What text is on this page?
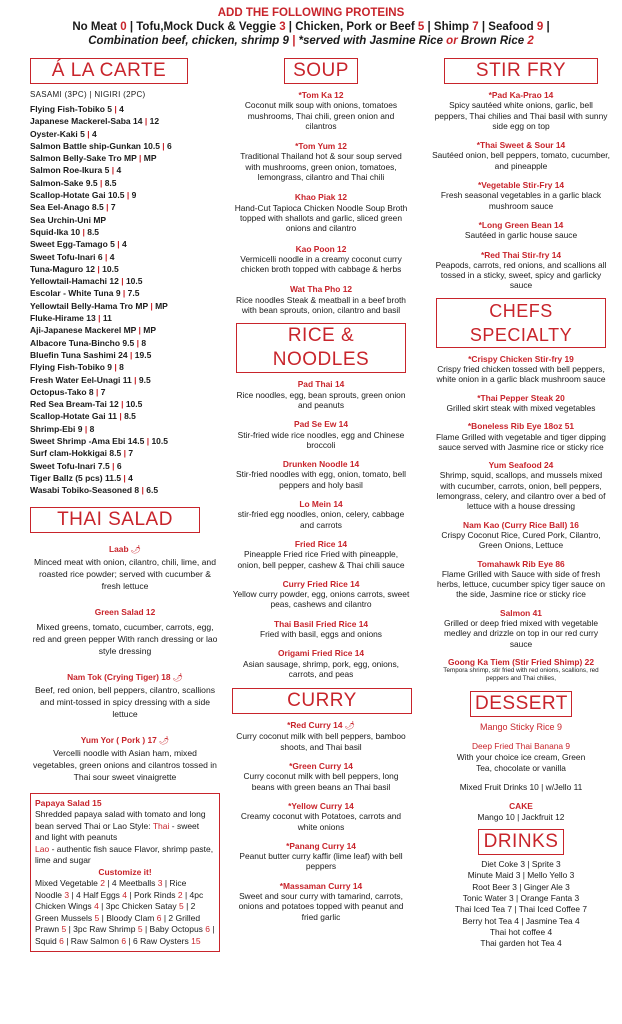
ADD THE FOLLOWING PROTEINS
No Meat 0 | Tofu,Mock Duck & Veggie 3 | Chicken, Pork or Beef 5 | Shimp 7 | Seafood 9 |
Combination beef, chicken, shrimp 9 | *served with Jasmine Rice or Brown Rice 2
Á LA CARTE
SASAMI (3PC) | NIGIRI (2PC)
Flying Fish-Tobiko 5 | 4
Japanese Mackerel-Saba 14 | 12
Oyster-Kaki 5 | 4
Salmon Battle ship-Gunkan 10.5 | 6
Salmon Belly-Sake Tro MP | MP
Salmon Roe-Ikura 5 | 4
Salmon-Sake 9.5 | 8.5
Scallop-Hotate Gai 10.5 | 9
Sea Eel-Anago 8.5 | 7
Sea Urchin-Uni MP
Squid-Ika 10 | 8.5
Sweet Egg-Tamago 5 | 4
Sweet Tofu-Inari 6 | 4
Tuna-Maguro 12 | 10.5
Yellowtail-Hamachi 12 | 10.5
Escolar - White Tuna 9 | 7.5
Yellowtail Belly-Hama Tro MP | MP
Fluke-Hirame 13 | 11
Aji-Japanese Mackerel MP | MP
Albacore Tuna-Bincho 9.5 | 8
Bluefin Tuna Sashimi 24 | 19.5
Flying Fish-Tobiko 9 | 8
Fresh Water Eel-Unagi 11 | 9.5
Octopus-Tako 8 | 7
Red Sea Bream-Tai 12 | 10.5
Scallop-Hotate Gai 11 | 8.5
Shrimp-Ebi 9 | 8
Sweet Shrimp -Ama Ebi 14.5 | 10.5
Surf clam-Hokkigai 8.5 | 7
Sweet Tofu-Inari 7.5 | 6
Tiger Ballz (5 pcs) 11.5 | 4
Wasabi Tobiko-Seasoned 8 | 6.5
THAI SALAD
Laab 🌶
Minced meat with onion, cilantro, chili, lime, and roasted rice powder; served with cucumber & fresh lettuce
Green Salad 12
Mixed greens, tomato, cucumber, carrots, egg, red and green pepper With ranch dressing or lao style dressing
Nam Tok (Crying Tiger) 18 🌶
Beef, red onion, bell peppers, cilantro, scallions and mint-tossed in spicy dressing with a side lettuce
Yum Yor ( Pork ) 17 🌶
Vercelli noodle with Asian ham, mixed vegetables, green onions and cilantros tossed in Thai sour sweet vinaigrette
Papaya Salad 15
Shredded papaya salad with tomato and long bean served Thai or Lao Style: Thai - sweet and light with peanuts
Lao - authentic fish sauce Flavor, shrimp paste, lime and sugar
Customize it!
Mixed Vegetable 2 | 4 Meetballs 3 | Rice Noodle 3 | 4 Half Eggs 4 | Pork Rinds 2 | 4pc Chicken Wings 4 | 3pc Chicken Satay 5 | 2 Green Mussels 5 | Bloody Clam 6 | 2 Grilled Prawn 5 | 3pc Raw Shrimp 5 | Baby Octopus 6 | Squid 6 | Raw Salmon 6 | 6 Raw Oysters 15
SOUP
*Tom Ka 12
Coconut milk soup with onions, tomatoes mushrooms, Thai chili, green onion and cilantros
*Tom Yum 12
Traditional Thailand hot & sour soup served with mushrooms, green onion, tomatoes, lemongrass, cilantro and Thai chili
Khao Piak 12
Hand-Cut Tapioca Chicken Noodle Soup Broth topped with shallots and garlic, sliced green onions and cilantro
Kao Poon 12
Vermicelli noodle in a creamy coconut curry chicken broth topped with cabbage & herbs
Wat Tha Pho 12
Rice noodles Steak & meatball in a beef broth with bean sprouts, onion, cilantro and basil
RICE & NOODLES
Pad Thai 14
Rice noodles, egg, bean sprouts, green onion and peanuts
Pad Se Ew 14
Stir-fried wide rice noodles, egg and Chinese broccoli
Drunken Noodle 14
Stir-fried noodles with egg, onion, tomato, bell peppers and holy basil
Lo Mein 14
stir-fried egg noodles, onion, celery, cabbage and carrots
Fried Rice 14
Pineapple Fried rice Fried with pineapple, onion, bell pepper, cashew & Thai chili sauce
Curry Fried Rice 14
Yellow curry powder, egg, onions carrots, sweet peas, cashews and cilantro
Thai Basil Fried Rice 14
Fried with basil, eggs and onions
Origami Fried Rice 14
Asian sausage, shrimp, pork, egg, onions, carrots, and peas
CURRY
*Red Curry 14 🌶
Curry coconut milk with bell peppers, bamboo shoots, and Thai basil
*Green Curry 14
Curry coconut milk with bell peppers, long beans with green beans an Thai basil
*Yellow Curry 14
Creamy coconut with Potatoes, carrots and white onions
*Panang Curry 14
Peanut butter curry kaffir (lime leaf) with bell peppers
*Massaman Curry 14
Sweet and sour curry with tamarind, carrots, onions and potatoes topped with peanut and fried garlic
STIR FRY
*Pad Ka-Prao 14
Spicy sautéed white onions, garlic, bell peppers, Thai chilies and Thai basil with sunny side egg on top
*Thai Sweet & Sour 14
Sautéed onion, bell peppers, tomato, cucumber, and pineapple
*Vegetable Stir-Fry 14
Fresh seasonal vegetables in a garlic black mushroom sauce
*Long Green Bean 14
Sautéed in garlic house sauce
*Red Thai Stir-fry 14
Peapods, carrots, red onions, and scallions all tossed in a sticky, sweet, spicy and garlicky sauce
CHEFS SPECIALTY
*Crispy Chicken Stir-fry 19
Crispy fried chicken tossed with bell peppers, white onion in a garlic black mushroom sauce
*Thai Pepper Steak 20
Grilled skirt steak with mixed vegetables
*Boneless Rib Eye 18oz 51
Flame Grilled with vegetable and tiger dipping sauce served with Jasmine rice or sticky rice
Yum Seafood 24
Shrimp, squid, scallops, and mussels mixed with cucumber, carrots, onion, bell peppers, lemongrass, celery, and cilantro over a bed of lettuce with a house dressing
Nam Kao (Curry Rice Ball) 16
Crispy Coconut Rice, Cured Pork, Cilantro, Green Onions, Lettuce
Tomahawk Rib Eye 86
Flame Grilled with Sauce with side of fresh herbs, lettuce, cucumber spicy tiger sauce on the side, Jasmine rice or sticky rice
Salmon 41
Grilled or deep fried mixed with vegetable medley and drizzle on top in our red curry sauce
Goong Ka Tiem (Stir Fried Shimp) 22
Tempora shrimp, stir fried with red onions, scallions, red peppers and Thai chilies,
DESSERT
Mango Sticky Rice 9
Deep Fried Thai Banana 9
With your choice ice cream, Green Tea, chocolate or vanilla
Mixed Fruit Drinks 10 | w/Jello 11
CAKE
Mango 10 | Jackfruit 12
DRINKS
Diet Coke 3 | Sprite 3
Minute Maid 3 | Mello Yello 3
Root Beer 3 | Ginger Ale 3
Tonic Water 3 | Orange Fanta 3
Thai Iced Tea 7 | Thai Iced Coffee 7
Berry hot Tea 4 | Jasmine Tea 4
Thai hot coffee 4
Thai garden hot Tea 4
